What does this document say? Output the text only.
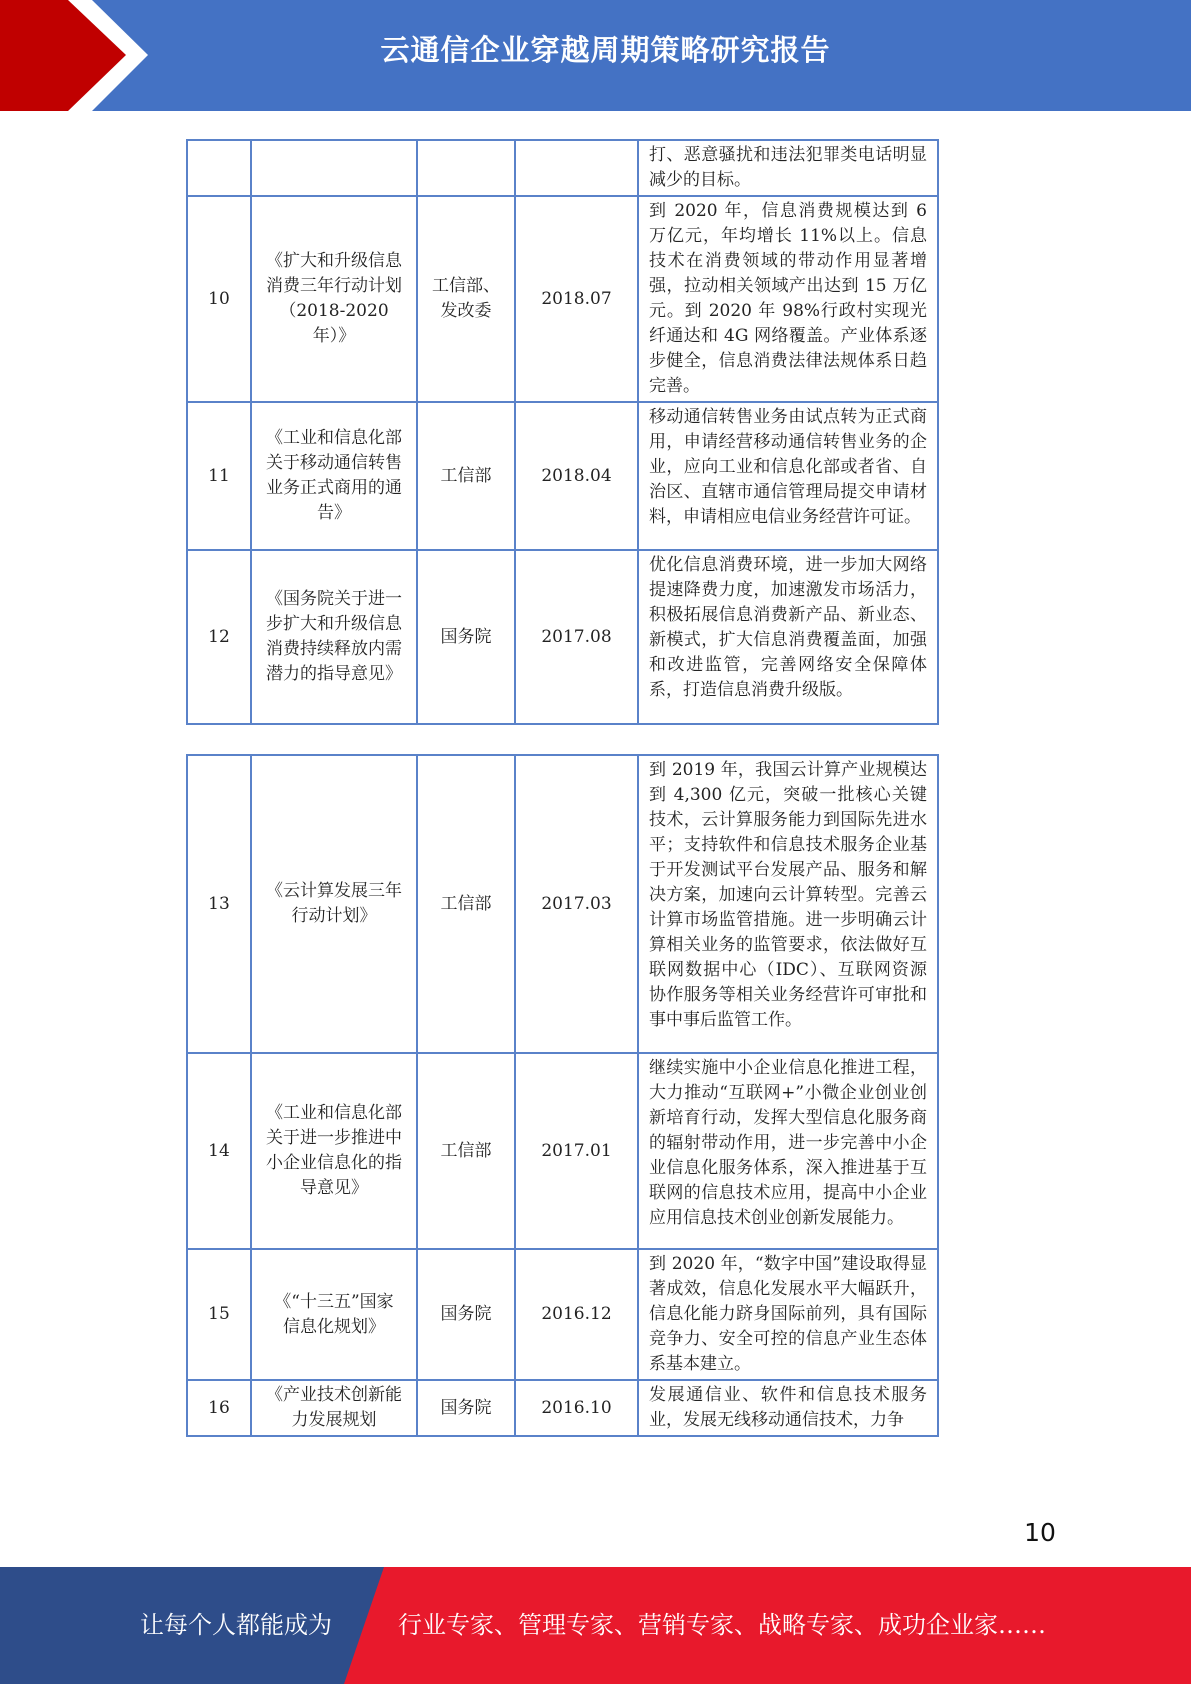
云通信企业穿越周期策略研究报告
				打、恶意骚扰和违法犯罪类电话明显减少的目标。
10	《扩大和升级信息消费三年行动计划（2018-2020年）》	工信部、发改委	2018.07	到 2020 年，信息消费规模达到 6 万亿元，年均增长 11%以上。信息技术在消费领域的带动作用显著增强，拉动相关领域产出达到 15 万亿元。到 2020 年 98%行政村实现光纤通达和 4G 网络覆盖。产业体系逐步健全，信息消费法律法规体系日趋完善。
11	《工业和信息化部关于移动通信转售业务正式商用的通告》	工信部	2018.04	移动通信转售业务由试点转为正式商用，申请经营移动通信转售业务的企业，应向工业和信息化部或者省、自治区、直辖市通信管理局提交申请材料，申请相应电信业务经营许可证。
12	《国务院关于进一步扩大和升级信息消费持续释放内需潜力的指导意见》	国务院	2017.08	优化信息消费环境，进一步加大网络提速降费力度，加速激发市场活力，积极拓展信息消费新产品、新业态、新模式，扩大信息消费覆盖面，加强和改进监管，完善网络安全保障体系，打造信息消费升级版。
13	《云计算发展三年行动计划》	工信部	2017.03	到 2019 年，我国云计算产业规模达到 4,300 亿元，突破一批核心关键技术，云计算服务能力到国际先进水平；支持软件和信息技术服务企业基于开发测试平台发展产品、服务和解决方案，加速向云计算转型。完善云计算市场监管措施。进一步明确云计算相关业务的监管要求，依法做好互联网数据中心（IDC）、互联网资源协作服务等相关业务经营许可审批和事中事后监管工作。
14	《工业和信息化部关于进一步推进中小企业信息化的指导意见》	工信部	2017.01	继续实施中小企业信息化推进工程，大力推动“互联网+”小微企业创业创新培育行动，发挥大型信息化服务商的辐射带动作用，进一步完善中小企业信息化服务体系，深入推进基于互联网的信息技术应用，提高中小企业应用信息技术创业创新发展能力。
15	《“十三五”国家信息化规划》	国务院	2016.12	到 2020 年，“数字中国”建设取得显著成效，信息化发展水平大幅跃升，信息化能力跻身国际前列，具有国际竞争力、安全可控的信息产业生态体系基本建立。
16	《产业技术创新能力发展规划	国务院	2016.10	发展通信业、软件和信息技术服务业，发展无线移动通信技术，力争
10
让每个人都能成为	行业专家、管理专家、营销专家、战略专家、成功企业家……
